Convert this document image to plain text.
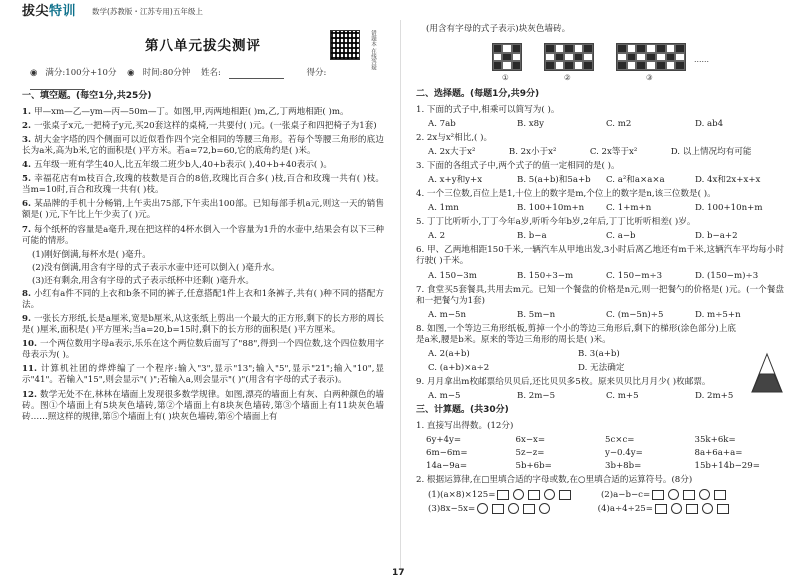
拔尖特训 数学(苏教版・江苏专用)五年级上
第八单元拔尖测评	错题本 在线答疑
◉ 满分:100分+10分 ◉ 时间:80分钟 姓名:	得分:
一、填空题。(每空1分,共25分)
1. 甲—xm—乙—ym—丙—50m—丁。如图,甲,丙两地相距( )m,乙,丁两地相距( )m。
2. 一张桌子x元,一把椅子y元,买20套这样的桌椅,一共要付( )元。(一张桌子和四把椅子为1套)
3. 胡大金字塔的四个侧面可以近似看作四个完全相同的等腰三角形。若每个等腰三角形的底边长为a米,高为b米,它的面积是( )平方米。若a=72,b=60,它的底角约是( )米。
4. 五年级一班有学生40人,比五年级二班少b人,40+b表示( ),40+b+40表示( )。
5. 幸福花店有m枝百合,玫瑰的枝数是百合的8倍,玫瑰比百合多( )枝,百合和玫瑰一共有( )枝。当m=10时,百合和玫瑰一共有( )枝。
6. 某品牌的手机十分畅销,上午卖出75部,下午卖出100部。已知每部手机a元,则这一天的销售额是( )元,下午比上午少卖了( )元。
7. 每个纸杯的容量是a毫升,现在把这样的4杯水倒入一个容量为1升的水壶中,结果会有以下三种可能的情形。
(1)刚好倒满,每杯水是( )毫升。
(2)没有倒满,用含有字母的式子表示水壶中还可以倒入( )毫升水。
(3)还有剩余,用含有字母的式子表示纸杯中还剩( )毫升水。
8. 小红有a件不同的上衣和b条不同的裤子,任意搭配1件上衣和1条裤子,共有( )种不同的搭配方法。
9. 一张长方形纸,长是a厘米,宽是b厘米,从这张纸上剪出一个最大的正方形,剩下的长方形的周长是( )厘米,面积是( )平方厘米;当a=20,b=15时,剩下的长方形的面积是( )平方厘米。
10. 一个两位数用字母a表示,乐乐在这个两位数后面写了"88",得到一个四位数,这个四位数用字母表示为( )。
11. 计算机社团的烨烨编了一个程序:输入"3",显示"13";输入"5",显示"21";输入"10",显示"41"。若输入"15",则会显示"( )";若输入a,则会显示"( )"(用含有字母的式子表示)。
12. 数学无处不在,林林在墙面上发现很多数学规律。如图,漂亮的墙面上有灰、白两种颜色的墙砖。图①个墙面上有5块灰色墙砖,第②个墙面上有8块灰色墙砖,第③个墙面上有11块灰色墙砖……照这样的规律,第⑤个墙面上有( )块灰色墙砖,第⑥个墙面上有
(用含有字母的式子表示)块灰色墙砖。
①	②	③
……
二、选择题。(每题1分,共9分)
1. 下面的式子中,相乘可以简写为( )。
A. 7ab	B. x8y	C. m2	D. ab4
2. 2x与x²相比,( )。
A. 2x大于x²	B. 2x小于x²	C. 2x等于x²	D. 以上情况均有可能
3. 下面的各组式子中,两个式子的值一定相同的是( )。
A. x+y和y+x	B. 5(a+b)和5a+b	C. a²和a×a×a	D. 4x和2x+x+x
4. 一个三位数,百位上是1,十位上的数字是m,个位上的数字是n,该三位数是( )。
A. 1mn	B. 100+10m+n	C. 1+m+n	D. 100+10n+m
5. 丁丁比听听小,丁丁今年a岁,听听今年b岁,2年后,丁丁比听听相差( )岁。
A. 2	B. b−a	C. a−b	D. b−a+2
6. 甲、乙两地相距150千米,一辆汽车从甲地出发,3小时后离乙地还有m千米,这辆汽车平均每小时行驶( )千米。
A. 150−3m	B. 150÷3−m	C. 150−m÷3	D. (150−m)÷3
7. 食堂买5套餐具,共用去m元。已知一个餐盘的价格是n元,则一把餐勺的价格是( )元。(一个餐盘和一把餐勺为1套)
A. m−5n	B. 5m−n	C. (m−5n)÷5	D. m÷5+n
8. 如图,一个等边三角形纸板,剪掉一个小的等边三角形后,剩下的梯形(涂色部分)上底是a米,腰是b米。原来的等边三角形的周长是( )米。
A. 2(a+b)	B. 3(a+b)
C. (a+b)×a÷2	D. 无法确定
9. 月月拿出m枚邮票给贝贝后,还比贝贝多5枚。原来贝贝比月月少( )枚邮票。
A. m−5	B. 2m−5	C. m+5	D. 2m+5
三、计算题。(共30分)
1. 直接写出得数。(12分)
6y+4y=	6x−x=	5c×c=	35k+6k=
6m−6m=	5z−z=	y−0.4y=	8a+6a+a=
14a−9a=	5b+6b=	3b+8b=	15b+14b−29=
2. 根据运算律,在□里填合适的字母或数,在○里填合适的运算符号。(8分)
(1)(a×8)×125=	(2)a−b−c=
(3)8x−5x=	(4)a÷4÷25=
17
